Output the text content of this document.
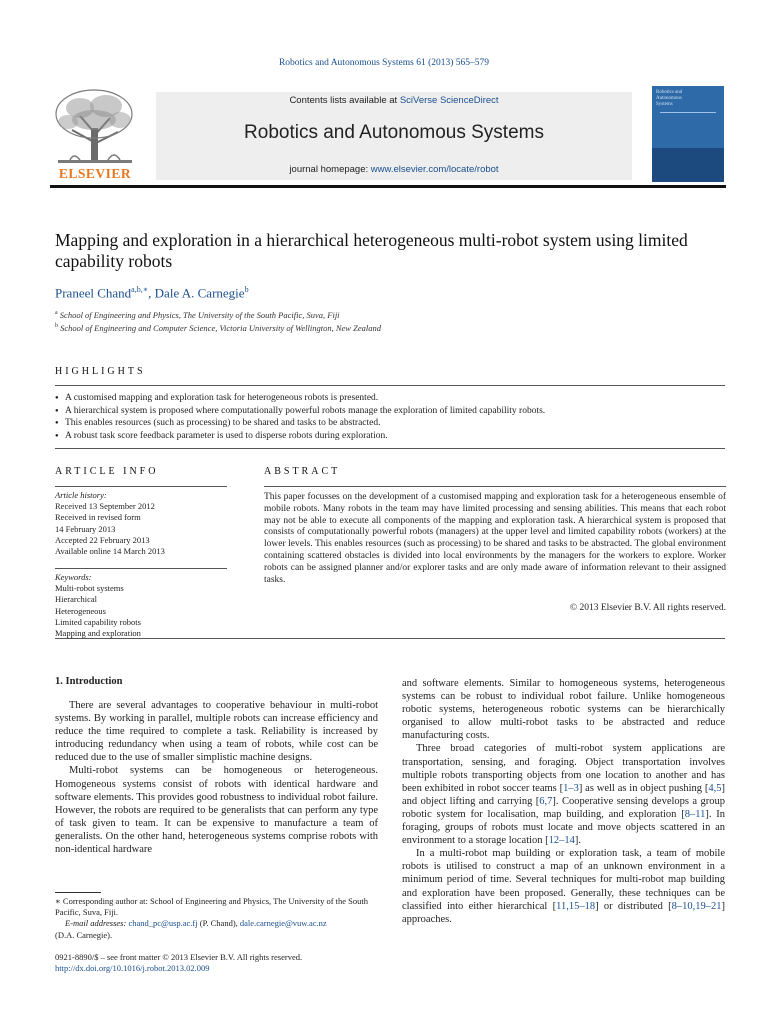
Robotics and Autonomous Systems 61 (2013) 565–579
ELSEVIER
Contents lists available at SciVerse ScienceDirect
Robotics and Autonomous Systems
journal homepage: www.elsevier.com/locate/robot
Robotics and Autonomous Systems
Mapping and exploration in a hierarchical heterogeneous multi-robot system using limited capability robots
Praneel Chand$^{a,b,∗}$, Dale A. Carnegie$^b$
$^a$ School of Engineering and Physics, The University of the South Pacific, Suva, Fiji
$^b$ School of Engineering and Computer Science, Victoria University of Wellington, New Zealand
HIGHLIGHTS
● A customised mapping and exploration task for heterogeneous robots is presented.
● A hierarchical system is proposed where computationally powerful robots manage the exploration of limited capability robots.
● This enables resources (such as processing) to be shared and tasks to be abstracted.
● A robust task score feedback parameter is used to disperse robots during exploration.
ARTICLE INFO
Article history:
Received 13 September 2012
Received in revised form
14 February 2013
Accepted 22 February 2013
Available online 14 March 2013
Keywords:
Multi-robot systems
Hierarchical
Heterogeneous
Limited capability robots
Mapping and exploration
ABSTRACT
This paper focusses on the development of a customised mapping and exploration task for a heterogeneous ensemble of mobile robots. Many robots in the team may have limited processing and sensing abilities. This means that each robot may not be able to execute all components of the mapping and exploration task. A hierarchical system is proposed that consists of computationally powerful robots (managers) at the upper level and limited capability robots (workers) at the lower levels. This enables resources (such as processing) to be shared and tasks to be abstracted. The global environment containing scattered obstacles is divided into local environments by the managers for the workers to explore. Worker robots can be assigned planner and/or explorer tasks and are only made aware of information relevant to their assigned tasks.
© 2013 Elsevier B.V. All rights reserved.
1. Introduction

There are several advantages to cooperative behaviour in multi-robot systems. By working in parallel, multiple robots can increase efficiency and reduce the time required to complete a task. Reliability is increased by introducing redundancy when using a team of robots, while cost can be reduced due to the use of smaller simplistic machine designs.

Multi-robot systems can be homogeneous or heterogeneous. Homogeneous systems consist of robots with identical hardware and software elements. This provides good robustness to individual robot failure. However, the robots are required to be generalists that can perform any type of task given to team. It can be expensive to manufacture a team of generalists. On the other hand, heterogeneous systems comprise robots with non-identical hardware

and software elements. Similar to homogeneous systems, heterogeneous systems can be robust to individual robot failure. Unlike homogeneous robotic systems, heterogeneous robotic systems can be hierarchically organised to allow multi-robot tasks to be abstracted and reduce manufacturing costs.

Three broad categories of multi-robot system applications are transportation, sensing, and foraging. Object transportation involves multiple robots transporting objects from one location to another and has been exhibited in robot soccer teams [1–3] as well as in object pushing [4,5] and object lifting and carrying [6,7]. Cooperative sensing develops a group robotic system for localisation, map building, and exploration [8–11]. In foraging, groups of robots must locate and move objects scattered in an environment to a storage location [12–14].

In a multi-robot map building or exploration task, a team of mobile robots is utilised to construct a map of an unknown environment in a minimum period of time. Several techniques for multi-robot map building and exploration have been proposed. Generally, these techniques can be classified into either hierarchical [11,15–18] or distributed [8–10,19–21] approaches.

∗ Corresponding author at: School of Engineering and Physics, The University of the South Pacific, Suva, Fiji.
E-mail addresses: chand_pc@usp.ac.fj (P. Chand), dale.carnegie@vuw.ac.nz
(D.A. Carnegie).
0921-8890/$ – see front matter © 2013 Elsevier B.V. All rights reserved.
http://dx.doi.org/10.1016/j.robot.2013.02.009
